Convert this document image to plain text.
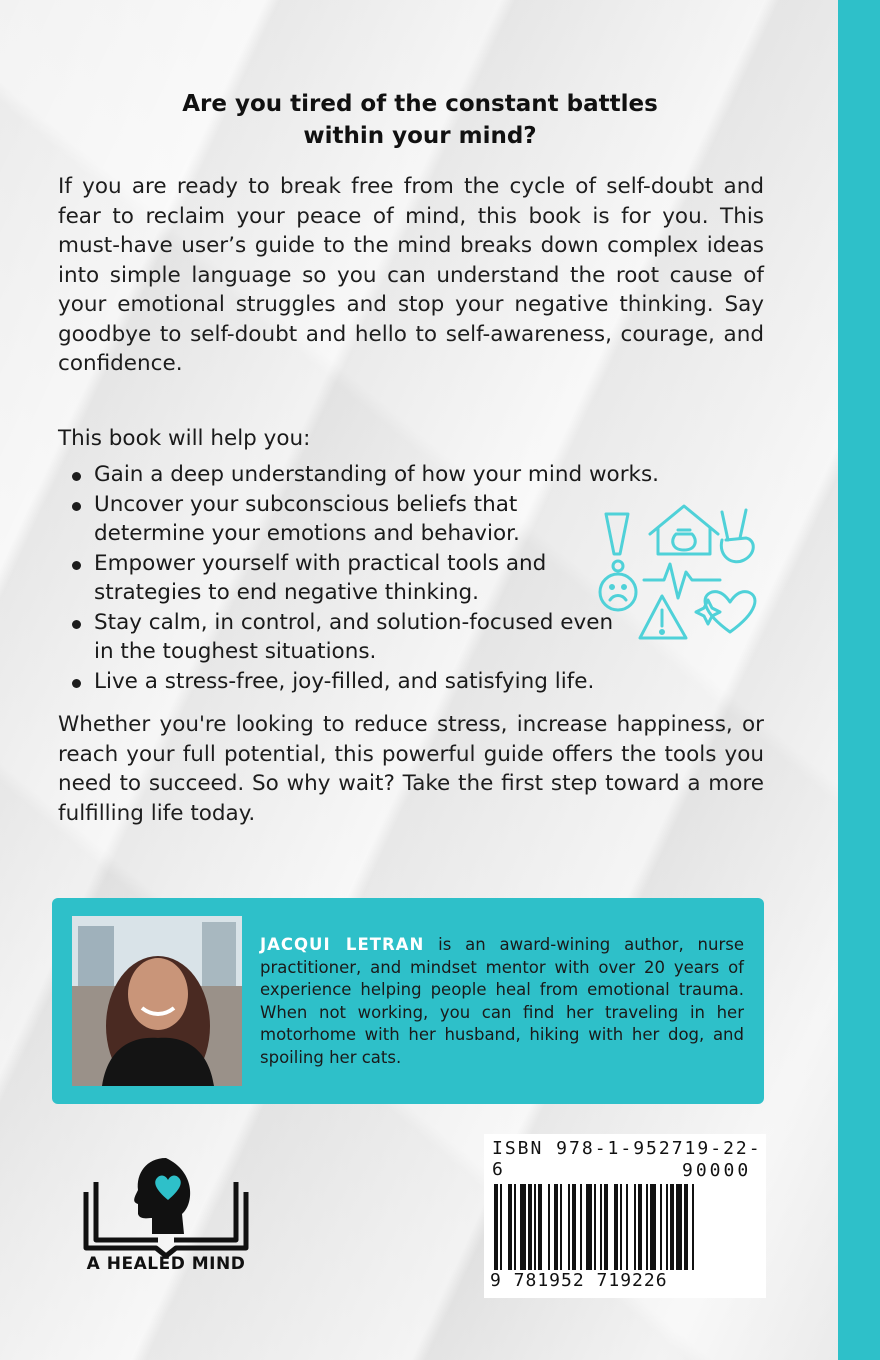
Are you tired of the constant battles within your mind?

If you are ready to break free from the cycle of self-doubt and fear to reclaim your peace of mind, this book is for you. This must-have user’s guide to the mind breaks down complex ideas into simple language so you can understand the root cause of your emotional struggles and stop your negative thinking. Say goodbye to self-doubt and hello to self-awareness, courage, and confidence.

This book will help you:
Gain a deep understanding of how your mind works.
Uncover your subconscious beliefs that determine your emotions and behavior.
Empower yourself with practical tools and strategies to end negative thinking.
Stay calm, in control, and solution-focused even in the toughest situations.
Live a stress-free, joy-filled, and satisfying life.

Whether you're looking to reduce stress, increase happiness, or reach your full potential, this powerful guide offers the tools you need to succeed. So why wait? Take the first step toward a more fulfilling life today.

JACQUI LETRAN is an award-wining author, nurse practitioner, and mindset mentor with over 20 years of experience helping people heal from emotional trauma. When not working, you can find her traveling in her motorhome with her husband, hiking with her dog, and spoiling her cats.

A HEALED MIND
ISBN 978-1-952719-22-6	90000
9 781952 719226
